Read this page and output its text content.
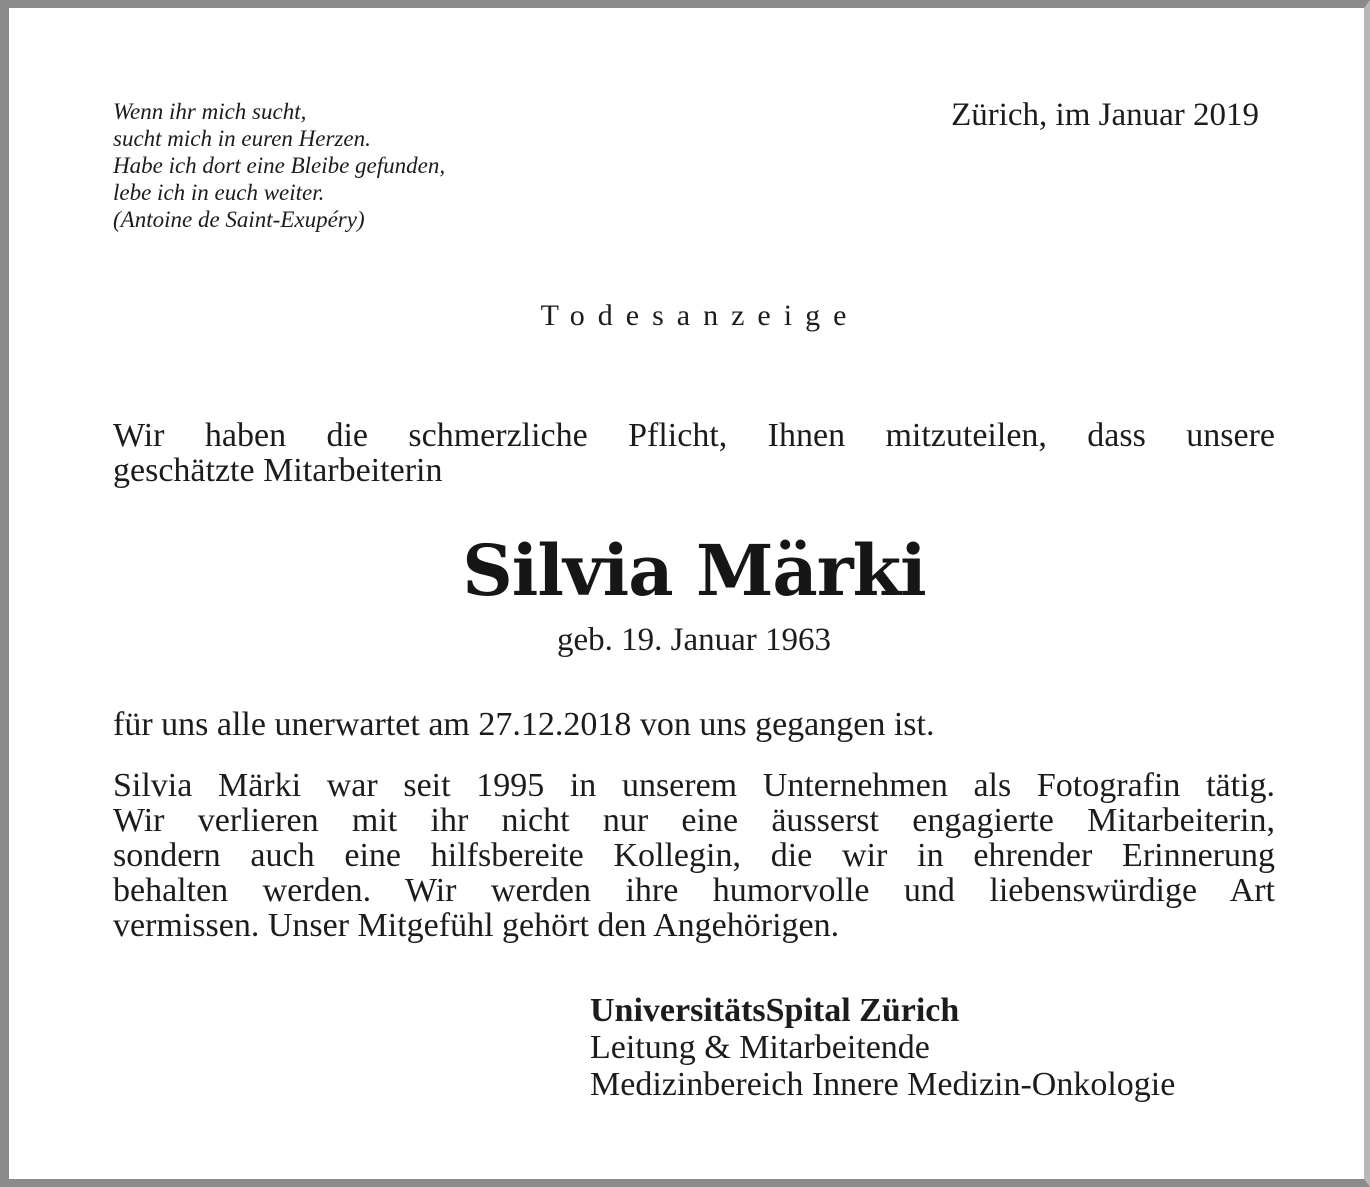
Wenn ihr mich sucht,
sucht mich in euren Herzen.
Habe ich dort eine Bleibe gefunden,
lebe ich in euch weiter.
(Antoine de Saint-Exupéry)
Zürich, im Januar 2019
Todesanzeige
Wir haben die schmerzliche Pflicht, Ihnen mitzuteilen, dass unsere
geschätzte Mitarbeiterin
Silvia Märki
geb. 19. Januar 1963
für uns alle unerwartet am 27.12.2018 von uns gegangen ist.
Silvia Märki war seit 1995 in unserem Unternehmen als Fotografin tätig.
Wir verlieren mit ihr nicht nur eine äusserst engagierte Mitarbeiterin,
sondern auch eine hilfsbereite Kollegin, die wir in ehrender Erinnerung
behalten werden. Wir werden ihre humorvolle und liebenswürdige Art
vermissen. Unser Mitgefühl gehört den Angehörigen.
UniversitätsSpital Zürich
Leitung & Mitarbeitende
Medizinbereich Innere Medizin-Onkologie
